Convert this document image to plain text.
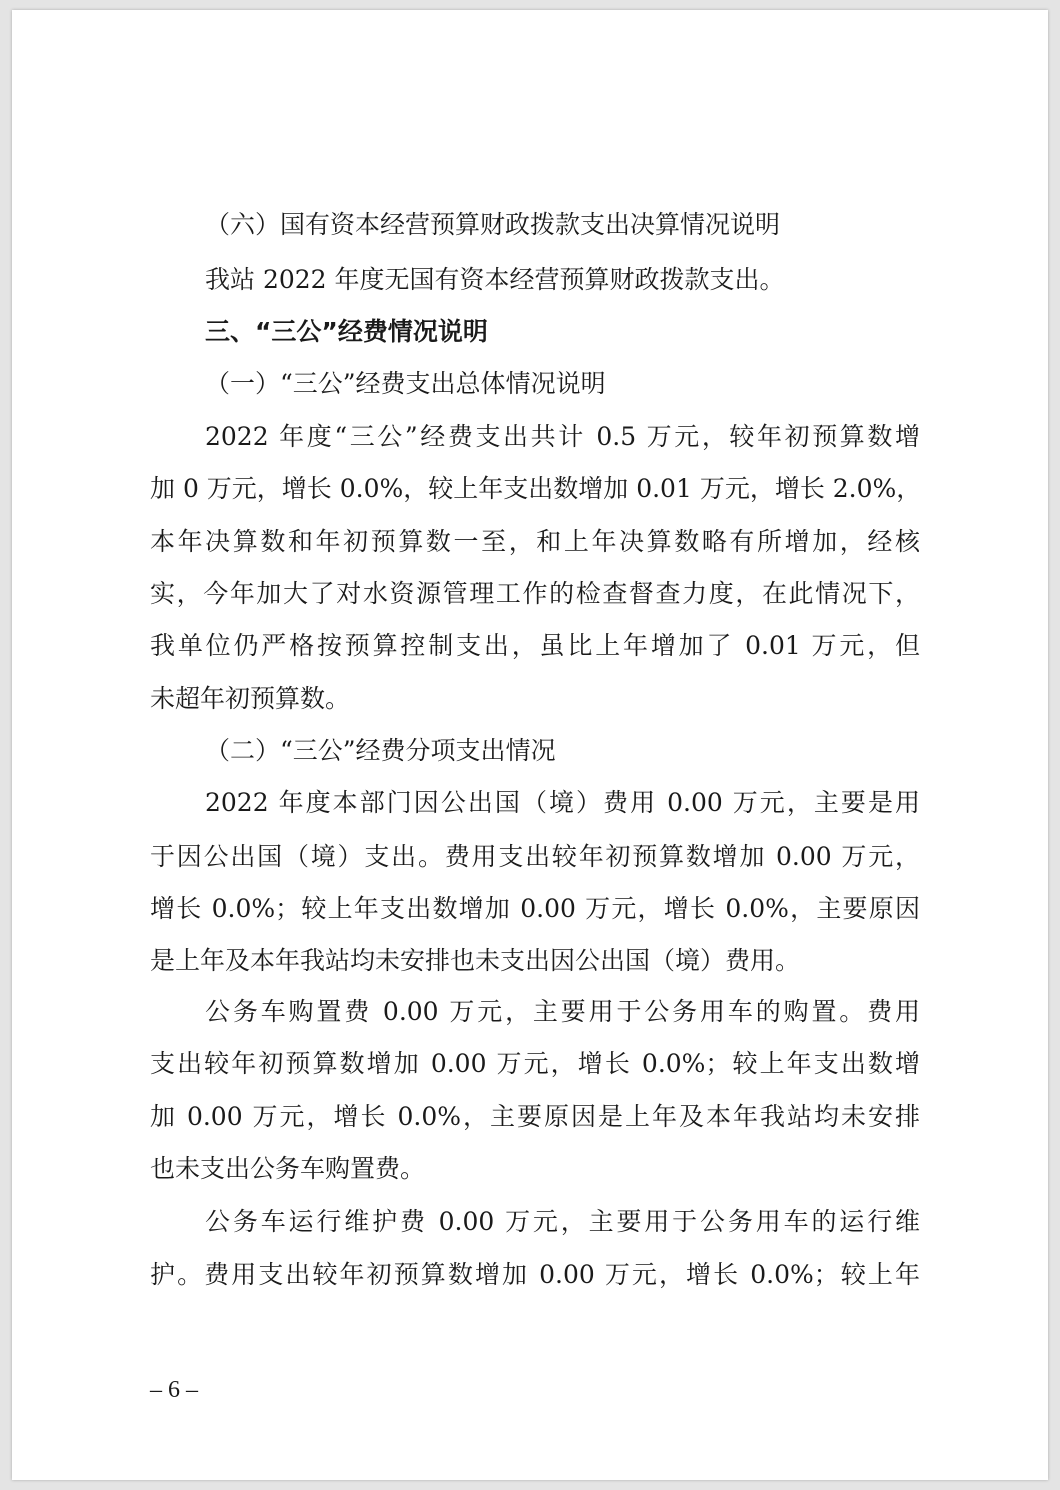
（六）国有资本经营预算财政拨款支出决算情况说明
我站 2022 年度无国有资本经营预算财政拨款支出。
三、“三公”经费情况说明
（一）“三公”经费支出总体情况说明
2022 年度“三公”经费支出共计 0.5 万元，较年初预算数增
加 0 万元，增长 0.0%，较上年支出数增加 0.01 万元，增长 2.0%，
本年决算数和年初预算数一至，和上年决算数略有所增加，经核
实，今年加大了对水资源管理工作的检查督查力度，在此情况下，
我单位仍严格按预算控制支出，虽比上年增加了 0.01 万元，但
未超年初预算数。
（二）“三公”经费分项支出情况
2022 年度本部门因公出国（境）费用 0.00 万元，主要是用
于因公出国（境）支出。费用支出较年初预算数增加 0.00 万元，
增长 0.0%；较上年支出数增加 0.00 万元，增长 0.0%，主要原因
是上年及本年我站均未安排也未支出因公出国（境）费用。
公务车购置费 0.00 万元，主要用于公务用车的购置。费用
支出较年初预算数增加 0.00 万元，增长 0.0%；较上年支出数增
加 0.00 万元，增长 0.0%，主要原因是上年及本年我站均未安排
也未支出公务车购置费。
公务车运行维护费 0.00 万元，主要用于公务用车的运行维
护。费用支出较年初预算数增加 0.00 万元，增长 0.0%；较上年
– 6 –
